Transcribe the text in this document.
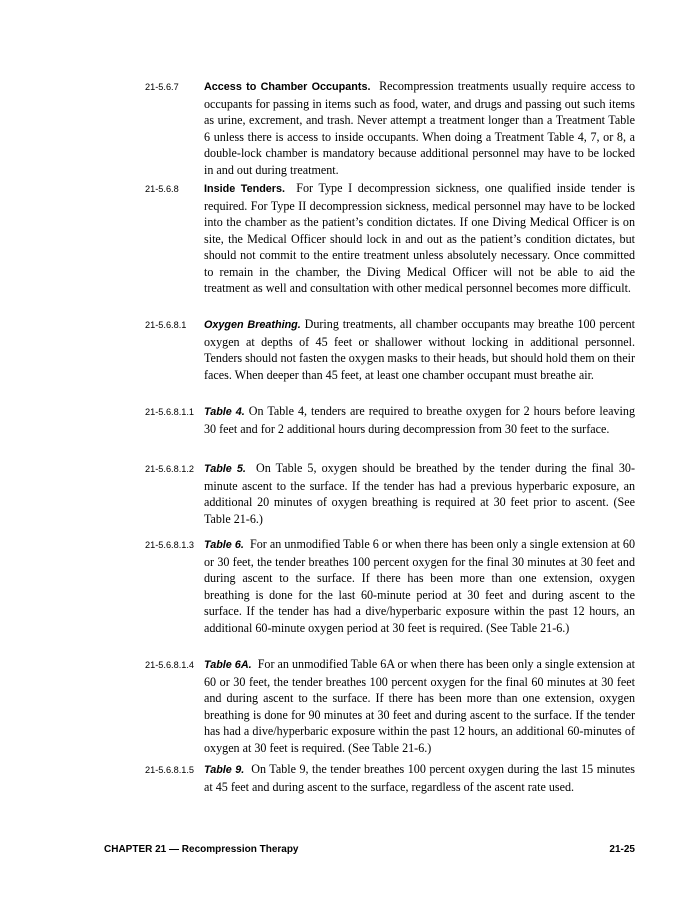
21-5.6.7 Access to Chamber Occupants. Recompression treatments usually require access to occupants for passing in items such as food, water, and drugs and passing out such items as urine, excrement, and trash. Never attempt a treatment longer than a Treatment Table 6 unless there is access to inside occupants. When doing a Treatment Table 4, 7, or 8, a double-lock chamber is mandatory because additional personnel may have to be locked in and out during treatment.
21-5.6.8 Inside Tenders. For Type I decompression sickness, one qualified inside tender is required. For Type II decompression sickness, medical personnel may have to be locked into the chamber as the patient’s condition dictates. If one Diving Medical Officer is on site, the Medical Officer should lock in and out as the patient’s condition dictates, but should not commit to the entire treatment unless absolutely necessary. Once committed to remain in the chamber, the Diving Medical Officer will not be able to aid the treatment as well and consultation with other medical personnel becomes more difficult.
21-5.6.8.1 Oxygen Breathing. During treatments, all chamber occupants may breathe 100 percent oxygen at depths of 45 feet or shallower without locking in additional personnel. Tenders should not fasten the oxygen masks to their heads, but should hold them on their faces. When deeper than 45 feet, at least one chamber occupant must breathe air.
21-5.6.8.1.1 Table 4. On Table 4, tenders are required to breathe oxygen for 2 hours before leaving 30 feet and for 2 additional hours during decompression from 30 feet to the surface.
21-5.6.8.1.2 Table 5. On Table 5, oxygen should be breathed by the tender during the final 30-minute ascent to the surface. If the tender has had a previous hyperbaric exposure, an additional 20 minutes of oxygen breathing is required at 30 feet prior to ascent. (See Table 21-6.)
21-5.6.8.1.3 Table 6. For an unmodified Table 6 or when there has been only a single extension at 60 or 30 feet, the tender breathes 100 percent oxygen for the final 30 minutes at 30 feet and during ascent to the surface. If there has been more than one extension, oxygen breathing is done for the last 60-minute period at 30 feet and during ascent to the surface. If the tender has had a dive/hyperbaric exposure within the past 12 hours, an additional 60-minute oxygen period at 30 feet is required. (See Table 21-6.)
21-5.6.8.1.4 Table 6A. For an unmodified Table 6A or when there has been only a single extension at 60 or 30 feet, the tender breathes 100 percent oxygen for the final 60 minutes at 30 feet and during ascent to the surface. If there has been more than one extension, oxygen breathing is done for 90 minutes at 30 feet and during ascent to the surface. If the tender has had a dive/hyperbaric exposure within the past 12 hours, an additional 60-minutes of oxygen at 30 feet is required. (See Table 21-6.)
21-5.6.8.1.5 Table 9. On Table 9, the tender breathes 100 percent oxygen during the last 15 minutes at 45 feet and during ascent to the surface, regardless of the ascent rate used.
CHAPTER 21 — Recompression Therapy	21-25
